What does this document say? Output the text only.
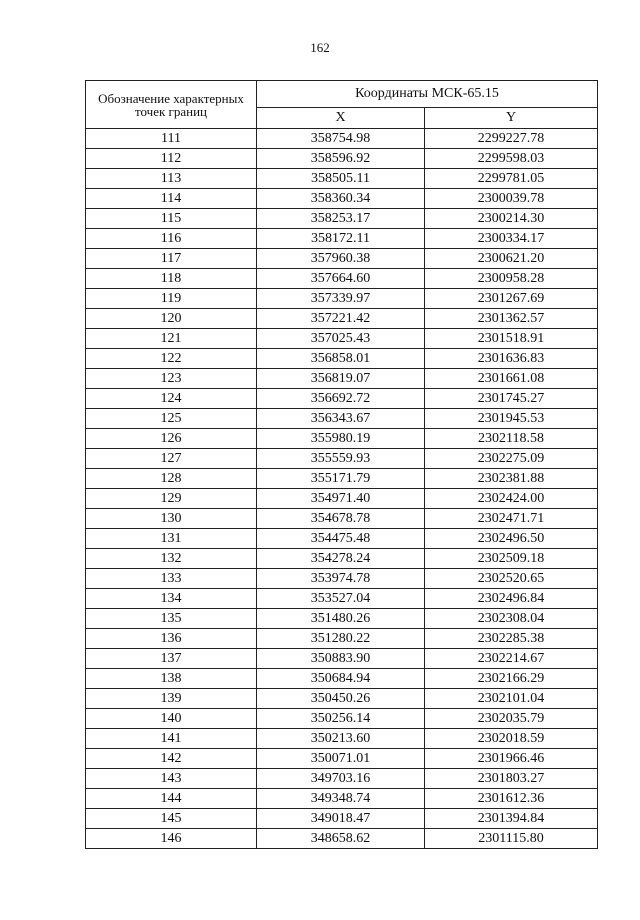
162
Обозначение характерных точек границ	Координаты МСК-65.15	
	X	Y
111	358754.98	2299227.78
112	358596.92	2299598.03
113	358505.11	2299781.05
114	358360.34	2300039.78
115	358253.17	2300214.30
116	358172.11	2300334.17
117	357960.38	2300621.20
118	357664.60	2300958.28
119	357339.97	2301267.69
120	357221.42	2301362.57
121	357025.43	2301518.91
122	356858.01	2301636.83
123	356819.07	2301661.08
124	356692.72	2301745.27
125	356343.67	2301945.53
126	355980.19	2302118.58
127	355559.93	2302275.09
128	355171.79	2302381.88
129	354971.40	2302424.00
130	354678.78	2302471.71
131	354475.48	2302496.50
132	354278.24	2302509.18
133	353974.78	2302520.65
134	353527.04	2302496.84
135	351480.26	2302308.04
136	351280.22	2302285.38
137	350883.90	2302214.67
138	350684.94	2302166.29
139	350450.26	2302101.04
140	350256.14	2302035.79
141	350213.60	2302018.59
142	350071.01	2301966.46
143	349703.16	2301803.27
144	349348.74	2301612.36
145	349018.47	2301394.84
146	348658.62	2301115.80
